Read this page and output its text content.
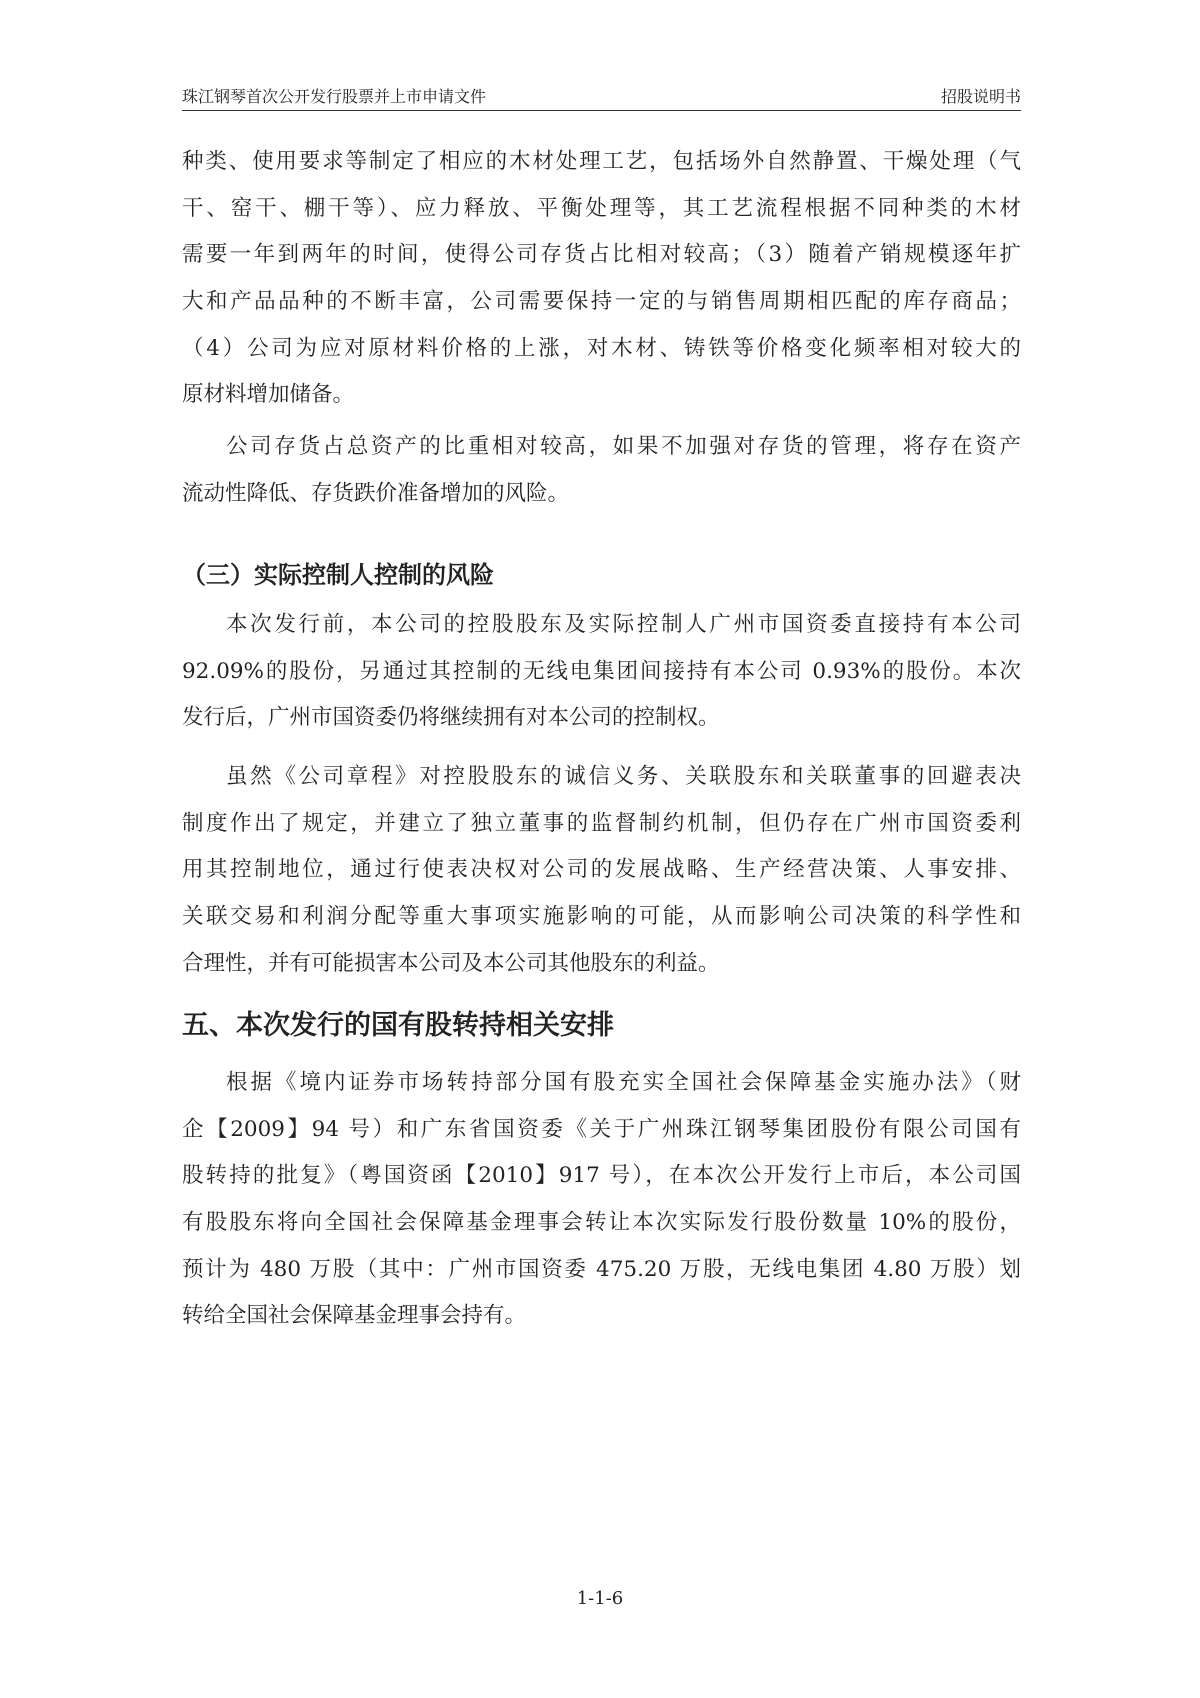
珠江钢琴首次公开发行股票并上市申请文件	招股说明书
种类、使用要求等制定了相应的木材处理工艺，包括场外自然静置、干燥处理（气
干、窑干、棚干等）、应力释放、平衡处理等，其工艺流程根据不同种类的木材
需要一年到两年的时间，使得公司存货占比相对较高；（3）随着产销规模逐年扩
大和产品品种的不断丰富，公司需要保持一定的与销售周期相匹配的库存商品；
（4）公司为应对原材料价格的上涨，对木材、铸铁等价格变化频率相对较大的
原材料增加储备。
公司存货占总资产的比重相对较高，如果不加强对存货的管理，将存在资产
流动性降低、存货跌价准备增加的风险。
（三）实际控制人控制的风险
本次发行前，本公司的控股股东及实际控制人广州市国资委直接持有本公司
92.09%的股份，另通过其控制的无线电集团间接持有本公司 0.93%的股份。本次
发行后，广州市国资委仍将继续拥有对本公司的控制权。
虽然《公司章程》对控股股东的诚信义务、关联股东和关联董事的回避表决
制度作出了规定，并建立了独立董事的监督制约机制，但仍存在广州市国资委利
用其控制地位，通过行使表决权对公司的发展战略、生产经营决策、人事安排、
关联交易和利润分配等重大事项实施影响的可能，从而影响公司决策的科学性和
合理性，并有可能损害本公司及本公司其他股东的利益。
五、本次发行的国有股转持相关安排
根据《境内证券市场转持部分国有股充实全国社会保障基金实施办法》（财
企【2009】94 号）和广东省国资委《关于广州珠江钢琴集团股份有限公司国有
股转持的批复》（粤国资函【2010】917 号），在本次公开发行上市后，本公司国
有股股东将向全国社会保障基金理事会转让本次实际发行股份数量 10%的股份，
预计为 480 万股（其中：广州市国资委 475.20 万股，无线电集团 4.80 万股）划
转给全国社会保障基金理事会持有。
1-1-6
